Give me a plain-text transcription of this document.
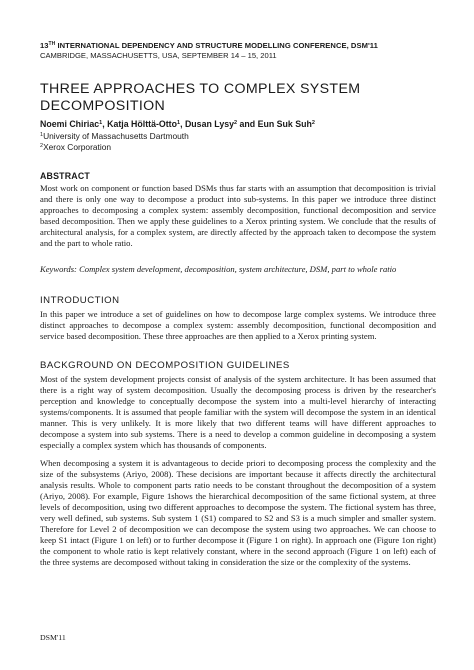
13TH INTERNATIONAL DEPENDENCY AND STRUCTURE MODELLING CONFERENCE, DSM'11
CAMBRIDGE, MASSACHUSETTS, USA, SEPTEMBER 14 – 15, 2011
THREE APPROACHES TO COMPLEX SYSTEM DECOMPOSITION
Noemi Chiriac$^1$, Katja Hölttä-Otto$^1$, Dusan Lysy$^2$ and Eun Suk Suh$^2$
$^1$University of Massachusetts Dartmouth
$^2$Xerox Corporation
ABSTRACT
Most work on component or function based DSMs thus far starts with an assumption that decomposition is trivial and there is only one way to decompose a product into sub-systems. In this paper we introduce three distinct approaches to decomposing a complex system: assembly decomposition, functional decomposition and service based decomposition. Then we apply these guidelines to a Xerox printing system. We conclude that the results of architectural analysis, for a complex system, are directly affected by the approach taken to decompose the system and the part to whole ratio.
Keywords: Complex system development, decomposition, system architecture, DSM, part to whole ratio
INTRODUCTION
In this paper we introduce a set of guidelines on how to decompose large complex systems. We introduce three distinct approaches to decompose a complex system: assembly decomposition, functional decomposition and service based decomposition. These three approaches are then applied to a Xerox printing system.
BACKGROUND ON DECOMPOSITION GUIDELINES
Most of the system development projects consist of analysis of the system architecture. It has been assumed that there is a right way of system decomposition. Usually the decomposing process is driven by the researcher's perception and knowledge to conceptually decompose the system into a multi-level hierarchy of interacting systems/components. It is assumed that people familiar with the system will decompose the system in an identical manner. This is very unlikely. It is more likely that two different teams will have different approaches to decompose a system into sub systems. There is a need to develop a common guideline in decomposing a system especially a complex system which has thousands of components.
When decomposing a system it is advantageous to decide priori to decomposing process the complexity and the size of the subsystems (Ariyo, 2008). These decisions are important because it affects directly the architectural analysis results. Whole to component parts ratio needs to be constant throughout the decomposition of a system (Ariyo, 2008). For example, Figure 1shows the hierarchical decomposition of the same fictional system, at three levels of decomposition, using two different approaches to decompose the system. The fictional system has three, very well defined, sub systems. Sub system 1 (S1) compared to S2 and S3 is a much simpler and smaller system. Therefore for Level 2 of decomposition we can decompose the system using two approaches. We can choose to keep S1 intact (Figure 1 on left) or to further decompose it (Figure 1 on right). In approach one (Figure 1on right) the component to whole ratio is kept relatively constant, where in the second approach (Figure 1 on left) each of the three systems are decomposed without taking in consideration the size or the complexity of the systems.
DSM'11
